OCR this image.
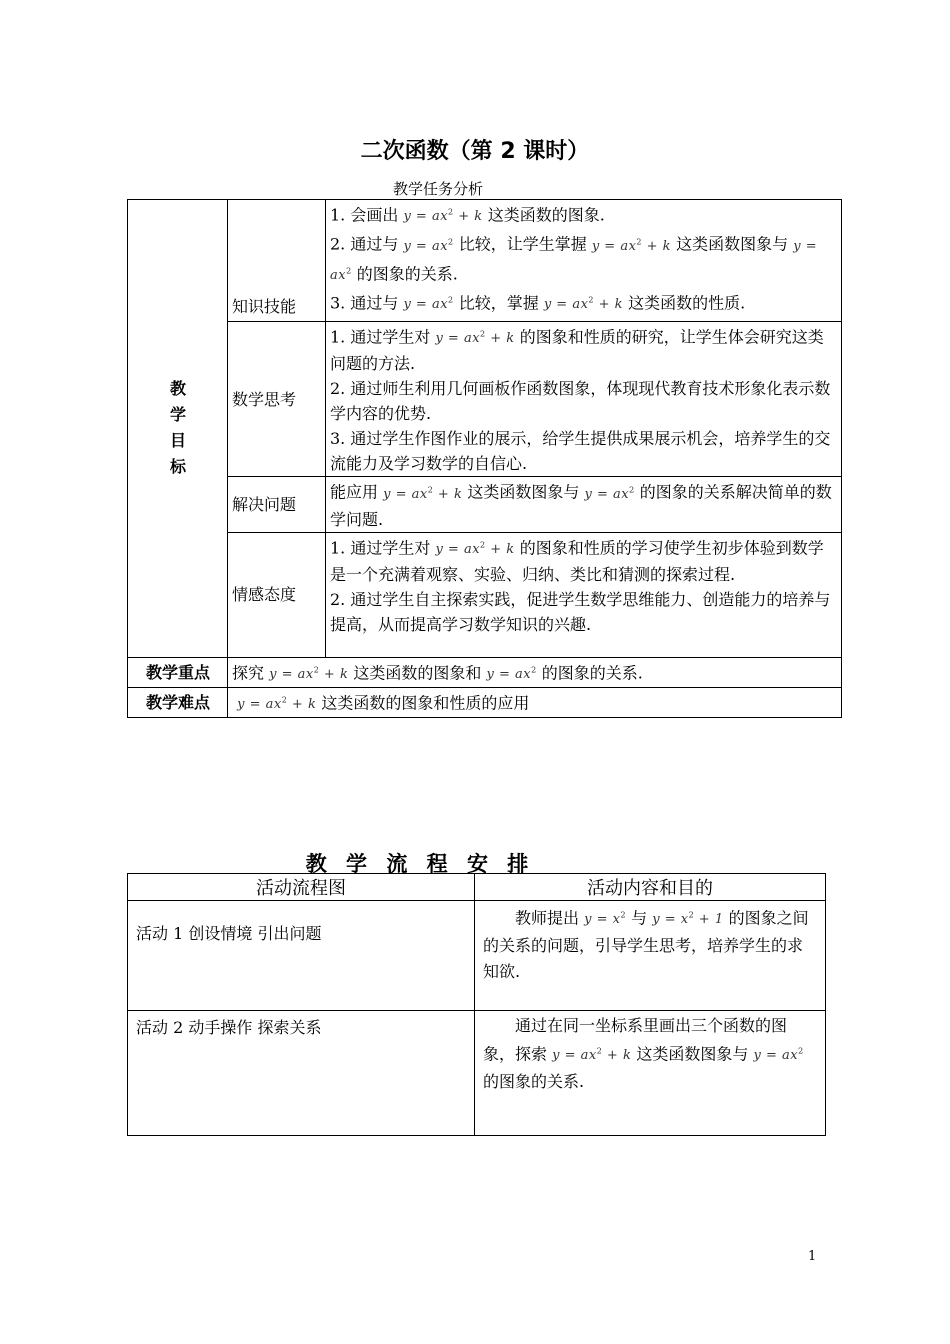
二次函数（第 2 课时）
教学任务分析
教学目标	知识技能	1. 会画出 $y = ax^2 + k$ 这类函数的图象.
2. 通过与 $y = ax^2$ 比较，让学生掌握 $y = ax^2 + k$ 这类函数图象与 $y = ax^2$ 的图象的关系.
3. 通过与 $y = ax^2$ 比较，掌握 $y = ax^2 + k$ 这类函数的性质.

	数学思考	1. 通过学生对 $y = ax^2 + k$ 的图象和性质的研究，让学生体会研究这类问题的方法.
2. 通过师生利用几何画板作函数图象，体现现代教育技术形象化表示数学内容的优势.
3. 通过学生作图作业的展示，给学生提供成果展示机会，培养学生的交流能力及学习数学的自信心.

	解决问题	能应用 $y = ax^2 + k$ 这类函数图象与 $y = ax^2$ 的图象的关系解决简单的数学问题.
	情感态度	1. 通过学生对 $y = ax^2 + k$ 的图象和性质的学习使学生初步体验到数学是一个充满着观察、实验、归纳、类比和猜测的探索过程.
2. 通过学生自主探索实践，促进学生数学思维能力、创造能力的培养与提高，从而提高学习数学知识的兴趣.

教学重点	探究 $y = ax^2 + k$ 这类函数的图象和 $y = ax^2$ 的图象的关系.	
教学难点	$y = ax^2 + k$ 这类函数的图象和性质的应用	
教 学 流 程 安 排
活动流程图	活动内容和目的
活动 1 创设情境 引出问题	教师提出 $y = x^2$ 与 $y = x^2 + 1$ 的图象之间的关系的问题，引导学生思考，培养学生的求知欲.
活动 2 动手操作 探索关系	通过在同一坐标系里画出三个函数的图象，探索 $y = ax^2 + k$ 这类函数图象与 $y = ax^2$ 的图象的关系.
1
